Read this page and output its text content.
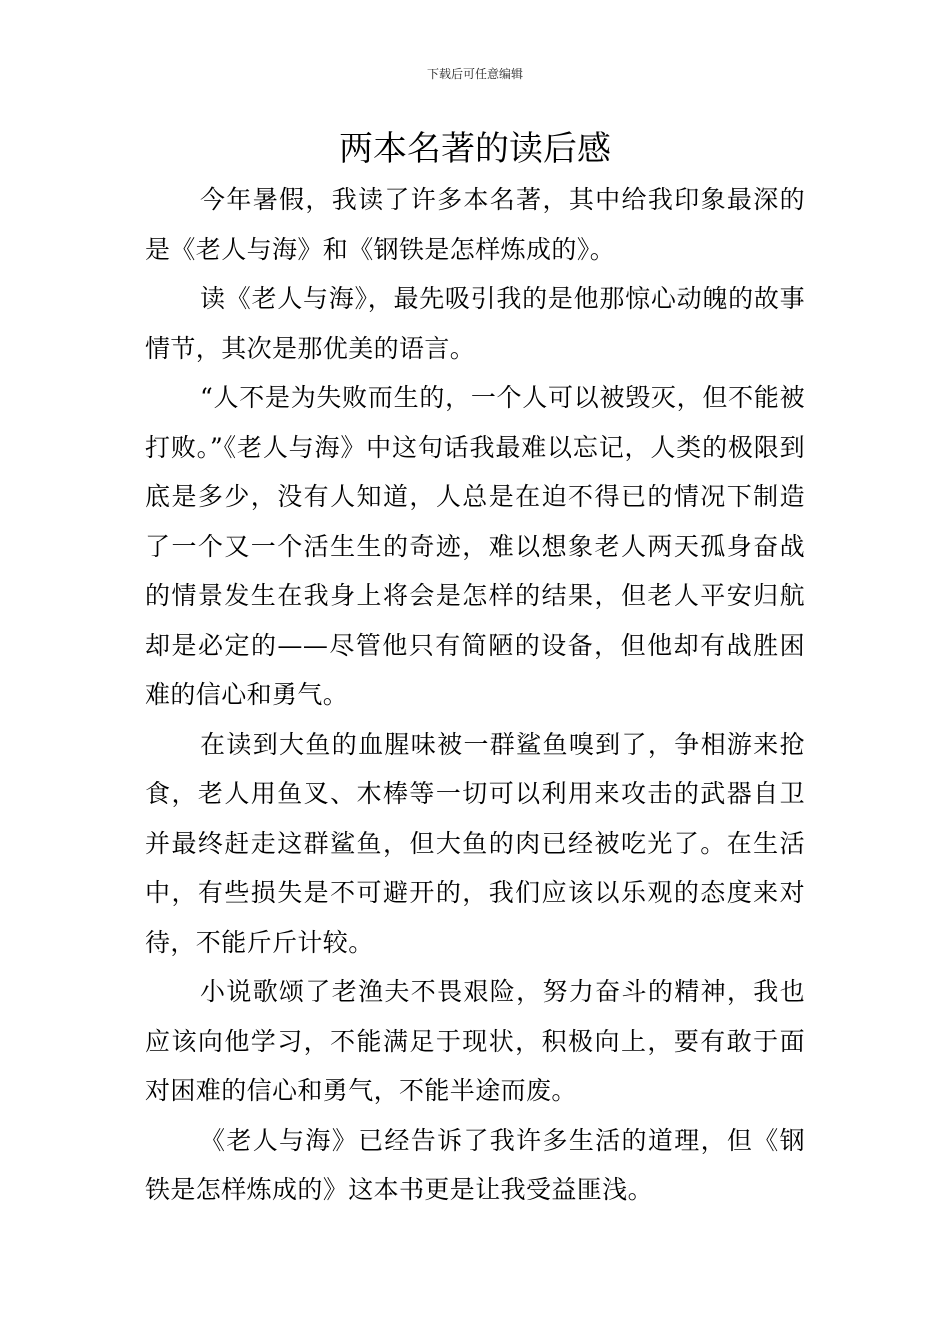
下载后可任意编辑
两本名著的读后感

今年暑假，我读了许多本名著，其中给我印象最深的是《老人与海》和《钢铁是怎样炼成的》。

读《老人与海》，最先吸引我的是他那惊心动魄的故事情节，其次是那优美的语言。

“人不是为失败而生的，一个人可以被毁灭，但不能被打败。”《老人与海》中这句话我最难以忘记，人类的极限到底是多少，没有人知道，人总是在迫不得已的情况下制造了一个又一个活生生的奇迹，难以想象老人两天孤身奋战的情景发生在我身上将会是怎样的结果，但老人平安归航却是必定的——尽管他只有简陋的设备，但他却有战胜困难的信心和勇气。

在读到大鱼的血腥味被一群鲨鱼嗅到了，争相游来抢食，老人用鱼叉、木棒等一切可以利用来攻击的武器自卫并最终赶走这群鲨鱼，但大鱼的肉已经被吃光了。在生活中，有些损失是不可避开的，我们应该以乐观的态度来对待，不能斤斤计较。

小说歌颂了老渔夫不畏艰险，努力奋斗的精神，我也应该向他学习，不能满足于现状，积极向上，要有敢于面对困难的信心和勇气，不能半途而废。

《老人与海》已经告诉了我许多生活的道理，但《钢铁是怎样炼成的》这本书更是让我受益匪浅。
